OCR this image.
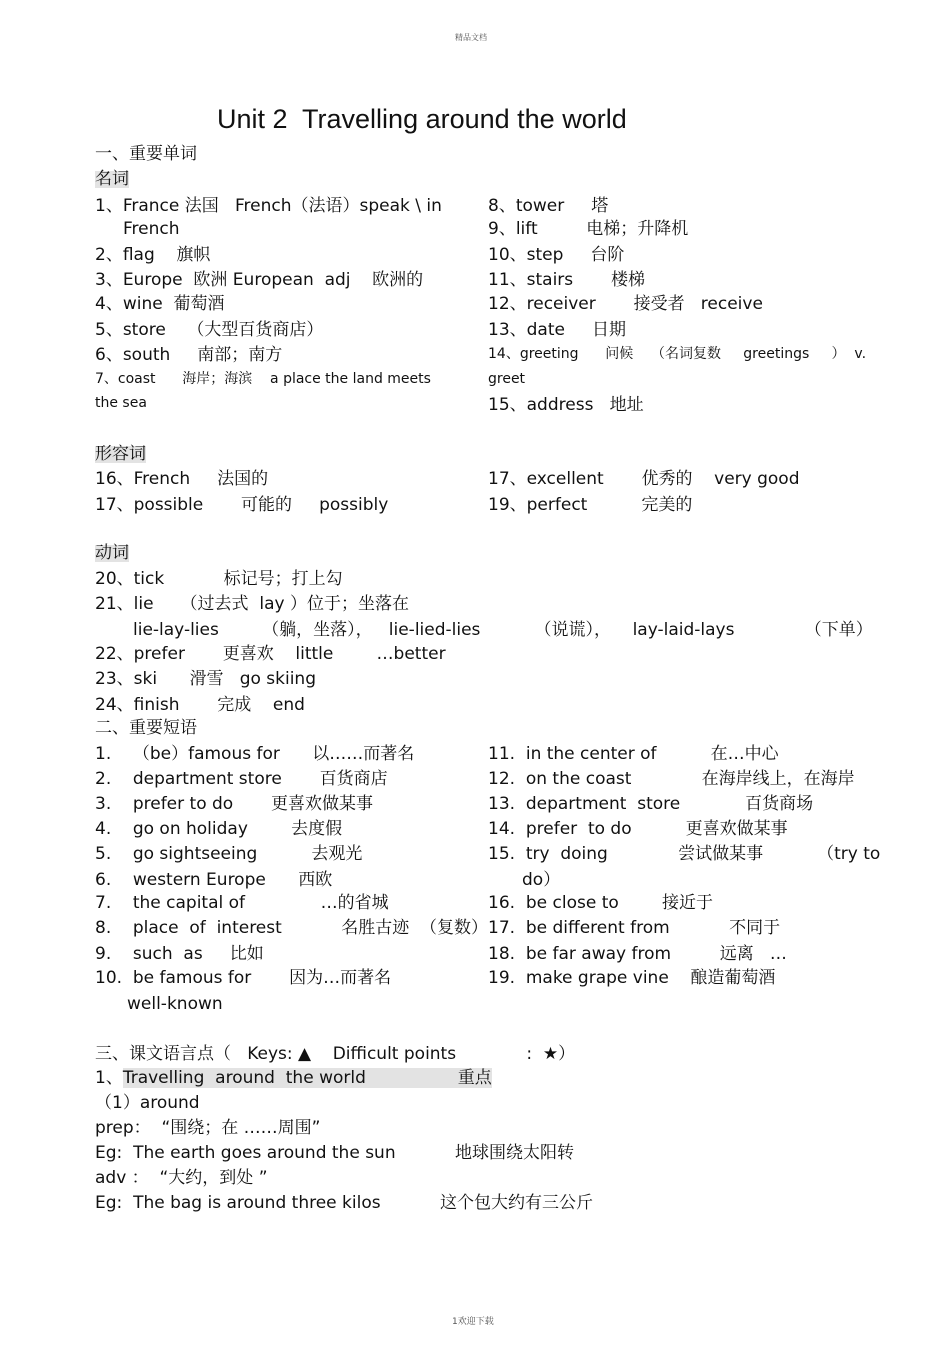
精品文档
Unit 2  Travelling around the world
一、重要单词
名词
1、France 法国   French（法语）speak \ in
French
2、flag    旗帜
3、Europe  欧洲 European  adj    欧洲的
4、wine  葡萄酒
5、store    （大型百货商店）
6、south     南部；南方
7、coast      海岸；海滨    a place the land meets
the sea
8、tower     塔
9、lift         电梯；升降机
10、step     台阶
11、stairs       楼梯
12、receiver       接受者   receive
13、date     日期
14、greeting      问候    （名词复数     greetings     ）  v.
greet
15、address   地址
形容词
16、French     法国的
17、possible       可能的     possibly
17、excellent       优秀的    very good
19、perfect          完美的
动词
20、tick           标记号；打上勾
21、lie     （过去式  lay ）位于；坐落在
lie-lay-lies        （躺，坐落），   lie-lied-lies          （说谎），    lay-laid-lays             （下单）
22、prefer       更喜欢    little        …better
23、ski      滑雪   go skiing
24、finish       完成    end
二、重要短语
1.    （be）famous for      以……而著名
2.    department store       百货商店
3.    prefer to do       更喜欢做某事
4.    go on holiday        去度假
5.    go sightseeing          去观光
6.    western Europe      西欧
7.    the capital of              …的省城
8.    place  of  interest           名胜古迹  （复数）
9.    such  as     比如
10.  be famous for       因为…而著名
well-known
11.  in the center of          在…中心
12.  on the coast             在海岸线上，在海岸
13.  department  store            百货商场
14.  prefer  to do          更喜欢做某事
15.  try  doing             尝试做某事          （try to
do）
16.  be close to        接近于
17.  be different from           不同于
18.  be far away from         远离   …
19.  make grape vine    酿造葡萄酒
三、课文语言点（   Keys: ▲    Difficult points             :  ★）
1、Travelling  around  the world                 重点
（1）around
prep：  “围绕；在 ……周围”
Eg:  The earth goes around the sun           地球围绕太阳转
adv ：  “大约，到处 ”
Eg:  The bag is around three kilos           这个包大约有三公斤
1欢迎下载
